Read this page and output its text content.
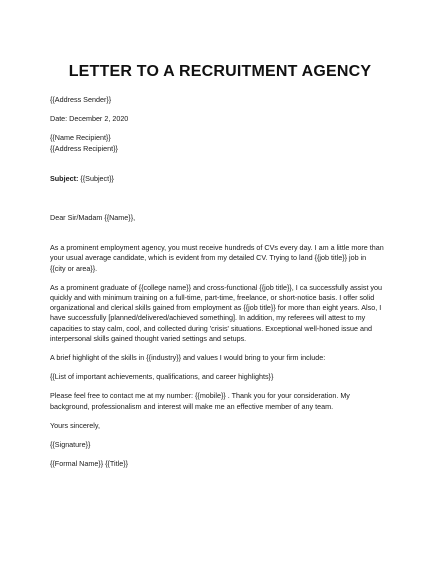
LETTER TO A RECRUITMENT AGENCY

{{Address Sender}}

Date: December 2, 2020

{{Name Recipient}}

{{Address Recipient}}

Subject: {{Subject}}

Dear Sir/Madam {{Name}},

As a prominent employment agency, you must receive hundreds of CVs every day. I am a little more than

your usual average candidate, which is evident from my detailed CV. Trying to land {{job title}} job in

{{city or area}}.

As a prominent graduate of {{college name}} and cross-functional {{job title}}, I ca successfully assist you

quickly and with minimum training on a full-time, part-time, freelance, or short-notice basis. I offer solid

organizational and clerical skills gained from employment as {{job title}} for more than eight years. Also, I

have successfully [planned/delivered/achieved something]. In addition, my referees will attest to my

capacities to stay calm, cool, and collected during 'crisis' situations. Exceptional well-honed issue and

interpersonal skills gained thought varied settings and setups.

A brief highlight of the skills in {{industry}} and values I would bring to your firm include:

{{List of important achievements, qualifications, and career highlights}}

Please feel free to contact me at my number: {{mobile}} . Thank you for your consideration. My

background, professionalism and interest will make me an effective member of any team.

Yours sincerely,

{{Signature}}

{{Formal Name}} {{Title}}
